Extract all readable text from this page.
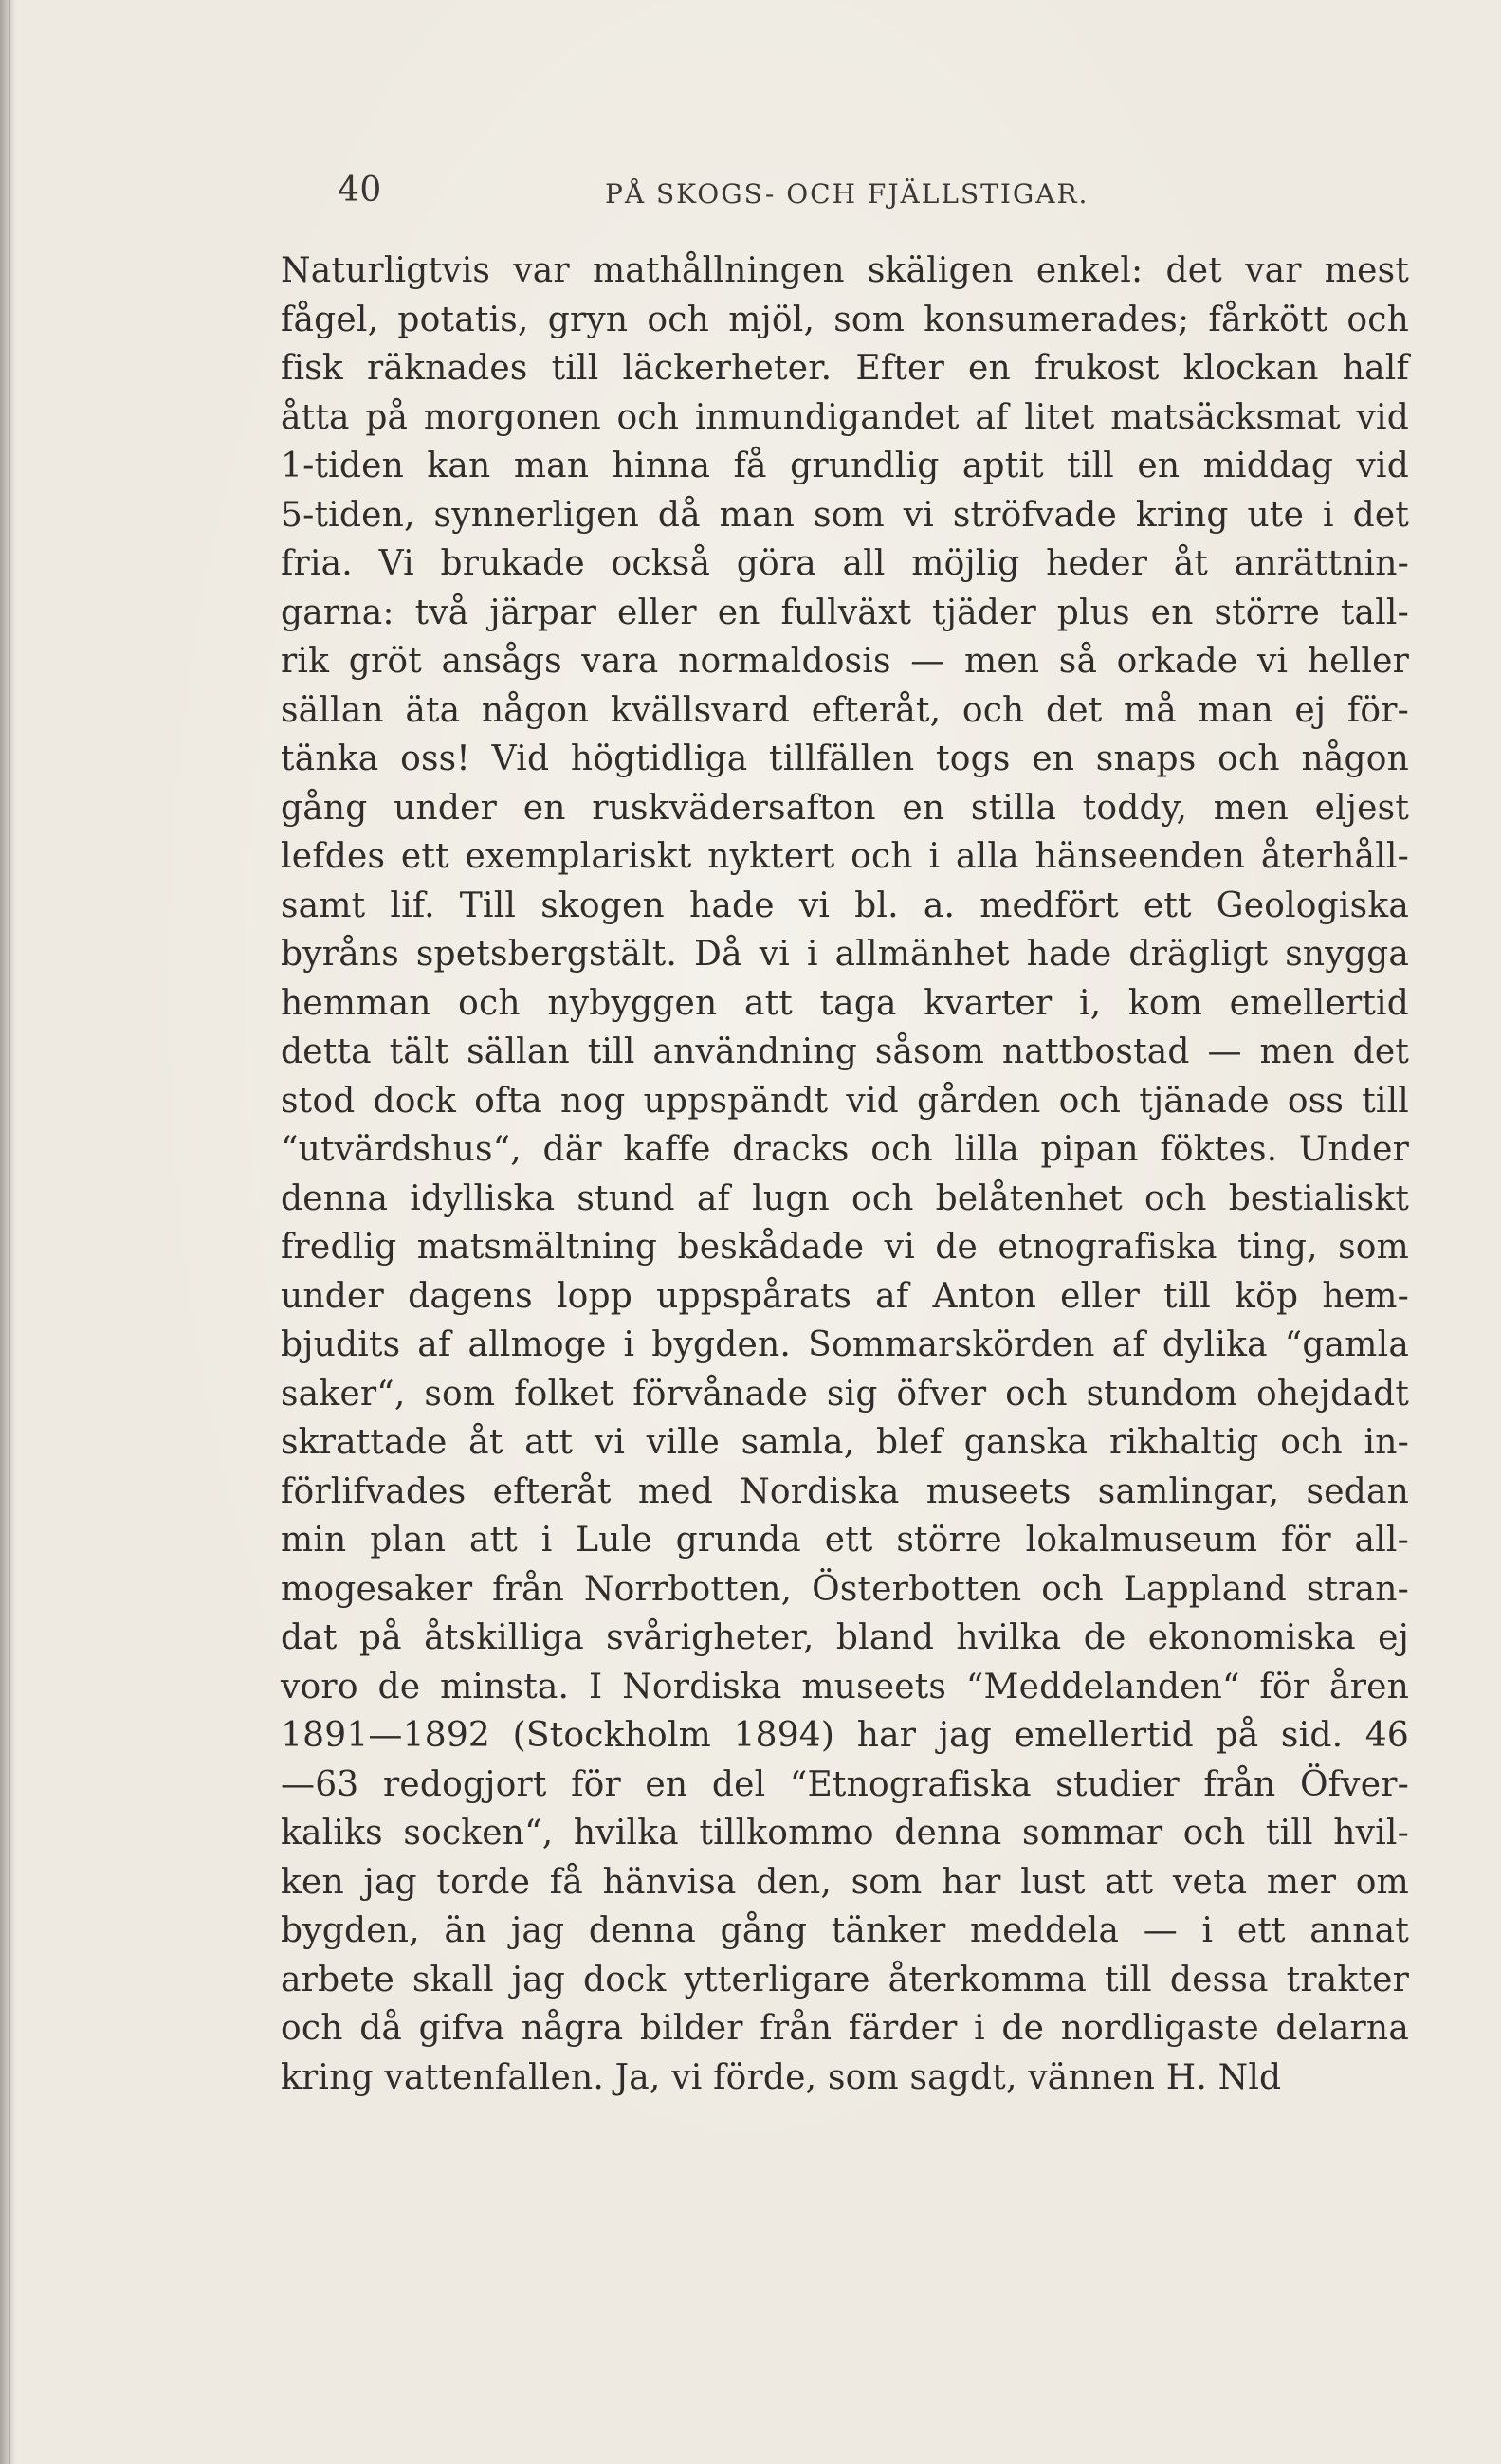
40	PÅ SKOGS- OCH FJÄLLSTIGAR.
Naturligtvis var mathållningen skäligen enkel: det var mest
fågel, potatis, gryn och mjöl, som konsumerades; fårkött och
fisk räknades till läckerheter. Efter en frukost klockan half
åtta på morgonen och inmundigandet af litet matsäcksmat vid
1-tiden kan man hinna få grundlig aptit till en middag vid
5-tiden, synnerligen då man som vi ströfvade kring ute i det
fria. Vi brukade också göra all möjlig heder åt anrättnin-
garna: två järpar eller en fullväxt tjäder plus en större tall-
rik gröt ansågs vara normaldosis — men så orkade vi heller
sällan äta någon kvällsvard efteråt, och det må man ej för-
tänka oss! Vid högtidliga tillfällen togs en snaps och någon
gång under en ruskvädersafton en stilla toddy, men eljest
lefdes ett exemplariskt nyktert och i alla hänseenden återhåll-
samt lif. Till skogen hade vi bl. a. medfört ett Geologiska
byråns spetsbergstält. Då vi i allmänhet hade drägligt snygga
hemman och nybyggen att taga kvarter i, kom emellertid
detta tält sällan till användning såsom nattbostad — men det
stod dock ofta nog uppspändt vid gården och tjänade oss till
“utvärdshus“, där kaffe dracks och lilla pipan föktes. Under
denna idylliska stund af lugn och belåtenhet och bestialiskt
fredlig matsmältning beskådade vi de etnografiska ting, som
under dagens lopp uppspårats af Anton eller till köp hem-
bjudits af allmoge i bygden. Sommarskörden af dylika “gamla
saker“, som folket förvånade sig öfver och stundom ohejdadt
skrattade åt att vi ville samla, blef ganska rikhaltig och in-
förlifvades efteråt med Nordiska museets samlingar, sedan
min plan att i Lule grunda ett större lokalmuseum för all-
mogesaker från Norrbotten, Österbotten och Lappland stran-
dat på åtskilliga svårigheter, bland hvilka de ekonomiska ej
voro de minsta. I Nordiska museets “Meddelanden“ för åren
1891—1892 (Stockholm 1894) har jag emellertid på sid. 46
—63 redogjort för en del “Etnografiska studier från Öfver-
kaliks socken“, hvilka tillkommo denna sommar och till hvil-
ken jag torde få hänvisa den, som har lust att veta mer om
bygden, än jag denna gång tänker meddela — i ett annat
arbete skall jag dock ytterligare återkomma till dessa trakter
och då gifva några bilder från färder i de nordligaste delarna
kring vattenfallen. Ja, vi förde, som sagdt, vännen H. Nld
